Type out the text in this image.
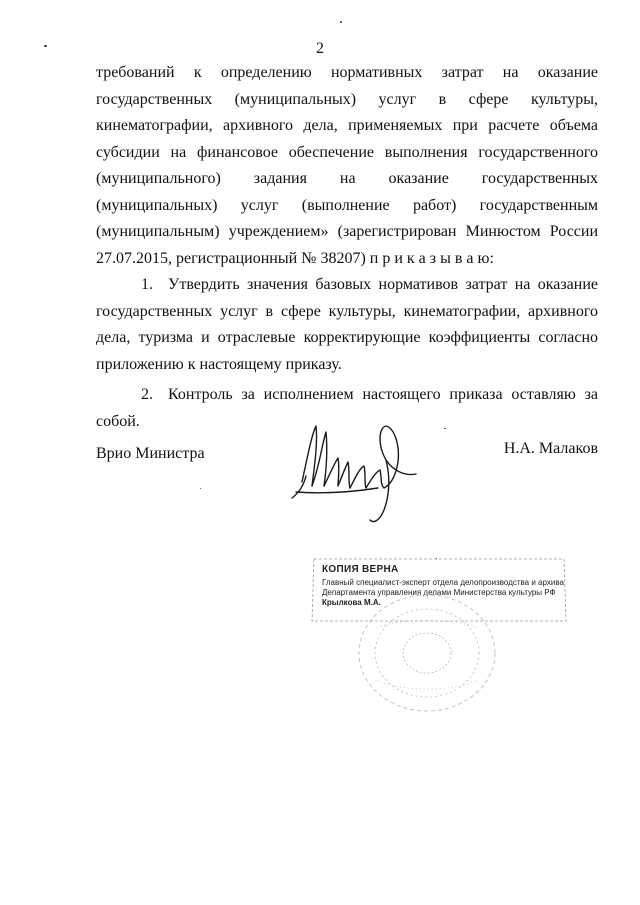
2

требований к определению нормативных затрат на оказание государственных (муниципальных) услуг в сфере культуры, кинематографии, архивного дела, применяемых при расчете объема субсидии на финансовое обеспечение выполнения государственного (муниципального) задания на оказание государственных (муниципальных) услуг (выполнение работ) государственным (муниципальным) учреждением» (зарегистрирован Минюстом России 27.07.2015, регистрационный № 38207) п р и к а з ы в а ю:

1. Утвердить значения базовых нормативов затрат на оказание государственных услуг в сфере культуры, кинематографии, архивного дела, туризма и отраслевые корректирующие коэффициенты согласно приложению к настоящему приказу.

2. Контроль за исполнением настоящего приказа оставляю за собой.

Врио Министра	Н.А. Малаков
КОПИЯ ВЕРНА
Главный специалист-эксперт отдела делопроизводства и архива
Департамента управления делами Министерства культуры РФ
Крылкова М.А.
